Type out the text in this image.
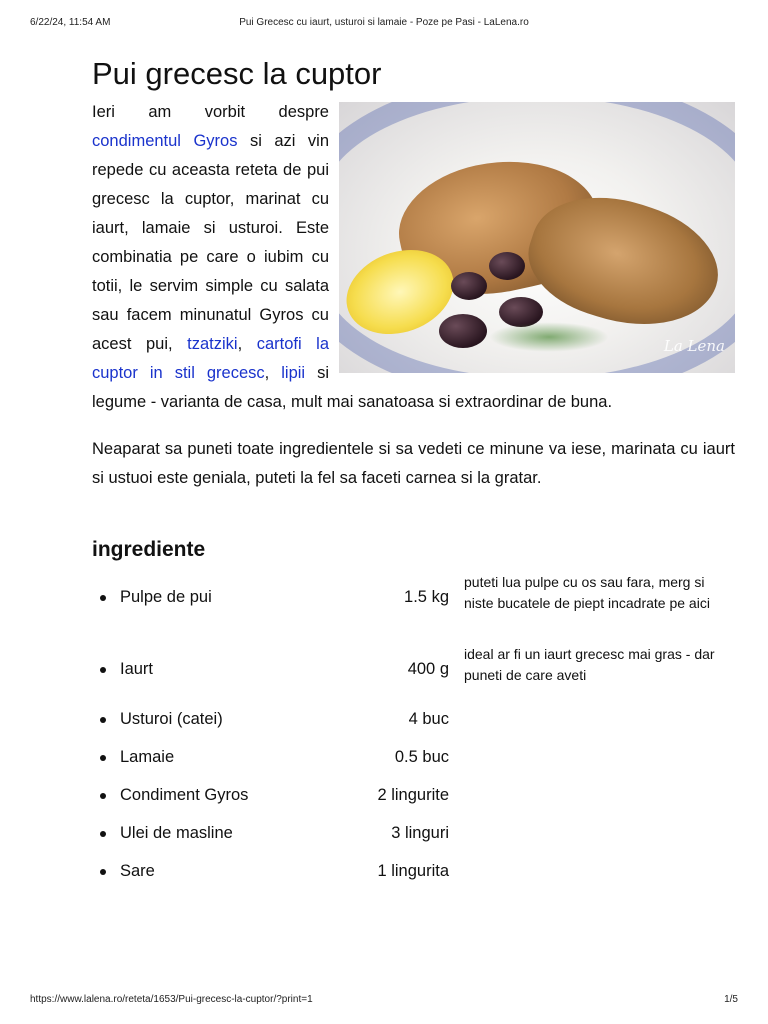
6/22/24, 11:54 AM	Pui Grecesc cu iaurt, usturoi si lamaie - Poze pe Pasi - LaLena.ro
Pui grecesc la cuptor
La Lena
Ieri am vorbit despre condimentul Gyros si azi vin repede cu aceasta reteta de pui grecesc la cuptor, marinat cu iaurt, lamaie si usturoi. Este combinatia pe care o iubim cu totii, le servim simple cu salata sau facem minunatul Gyros cu acest pui, tzatziki, cartofi la cuptor in stil grecesc, lipii si legume - varianta de casa, mult mai sanatoasa si extraordinar de buna.

Neaparat sa puneti toate ingredientele si sa vedeti ce minune va iese, marinata cu iaurt si ustuoi este geniala, puteti la fel sa faceti carnea si la gratar.

ingrediente
Pulpe de pui	1.5 kg
puteti lua pulpe cu os sau fara, merg si niste bucatele de piept incadrate pe aici
Iaurt	400 g
ideal ar fi un iaurt grecesc mai gras - dar puneti de care aveti
Usturoi (catei)	4 buc
Lamaie	0.5 buc
Condiment Gyros	2 lingurite
Ulei de masline	3 linguri
Sare	1 lingurita
https://www.lalena.ro/reteta/1653/Pui-grecesc-la-cuptor/?print=1	1/5
